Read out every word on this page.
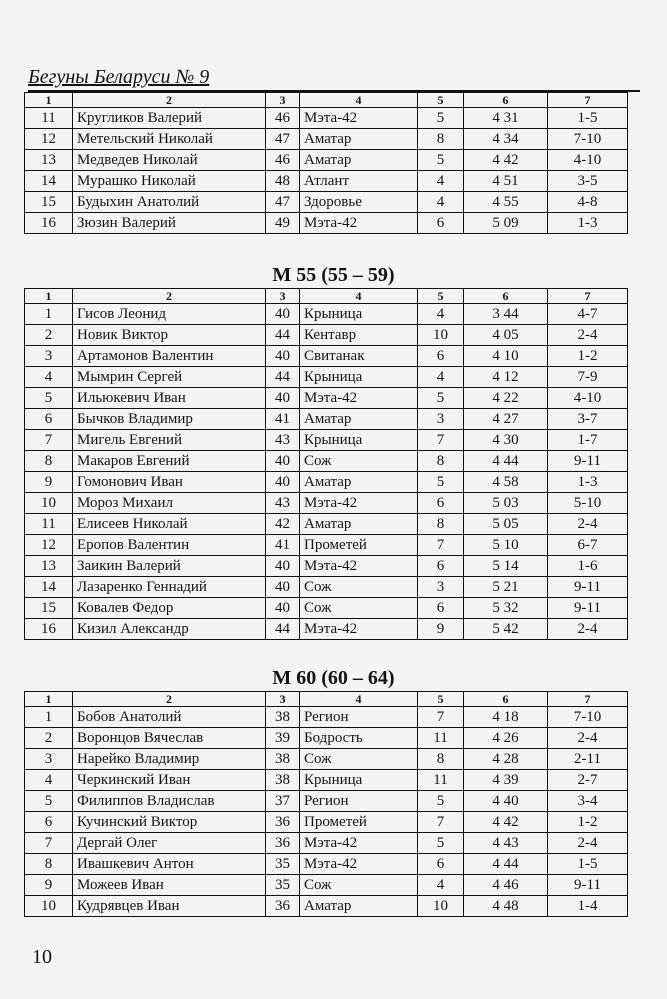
Бегуны Беларуси № 9
1	2	3	4	5	6	7
11	Кругликов Валерий	46	Мэта-42	5	4 31	1-5
12	Метельский Николай	47	Аматар	8	4 34	7-10
13	Медведев Николай	46	Аматар	5	4 42	4-10
14	Мурашко Николай	48	Атлант	4	4 51	3-5
15	Будыхин Анатолий	47	Здоровье	4	4 55	4-8
16	Зюзин Валерий	49	Мэта-42	6	5 09	1-3
М 55 (55 – 59)
1	2	3	4	5	6	7
1	Гисов Леонид	40	Крыница	4	3 44	4-7
2	Новик Виктор	44	Кентавр	10	4 05	2-4
3	Артамонов Валентин	40	Свитанак	6	4 10	1-2
4	Мымрин Сергей	44	Крыница	4	4 12	7-9
5	Ильюкевич Иван	40	Мэта-42	5	4 22	4-10
6	Бычков Владимир	41	Аматар	3	4 27	3-7
7	Мигель Евгений	43	Крыница	7	4 30	1-7
8	Макаров Евгений	40	Сож	8	4 44	9-11
9	Гомонович Иван	40	Аматар	5	4 58	1-3
10	Мороз Михаил	43	Мэта-42	6	5 03	5-10
11	Елисеев Николай	42	Аматар	8	5 05	2-4
12	Еропов Валентин	41	Прометей	7	5 10	6-7
13	Заикин Валерий	40	Мэта-42	6	5 14	1-6
14	Лазаренко Геннадий	40	Сож	3	5 21	9-11
15	Ковалев Федор	40	Сож	6	5 32	9-11
16	Кизил Александр	44	Мэта-42	9	5 42	2-4
М 60 (60 – 64)
1	2	3	4	5	6	7
1	Бобов Анатолий	38	Регион	7	4 18	7-10
2	Воронцов Вячеслав	39	Бодрость	11	4 26	2-4
3	Нарейко Владимир	38	Сож	8	4 28	2-11
4	Черкинский Иван	38	Крыница	11	4 39	2-7
5	Филиппов Владислав	37	Регион	5	4 40	3-4
6	Кучинский Виктор	36	Прометей	7	4 42	1-2
7	Дергай Олег	36	Мэта-42	5	4 43	2-4
8	Ивашкевич Антон	35	Мэта-42	6	4 44	1-5
9	Можеев Иван	35	Сож	4	4 46	9-11
10	Кудрявцев Иван	36	Аматар	10	4 48	1-4
10
